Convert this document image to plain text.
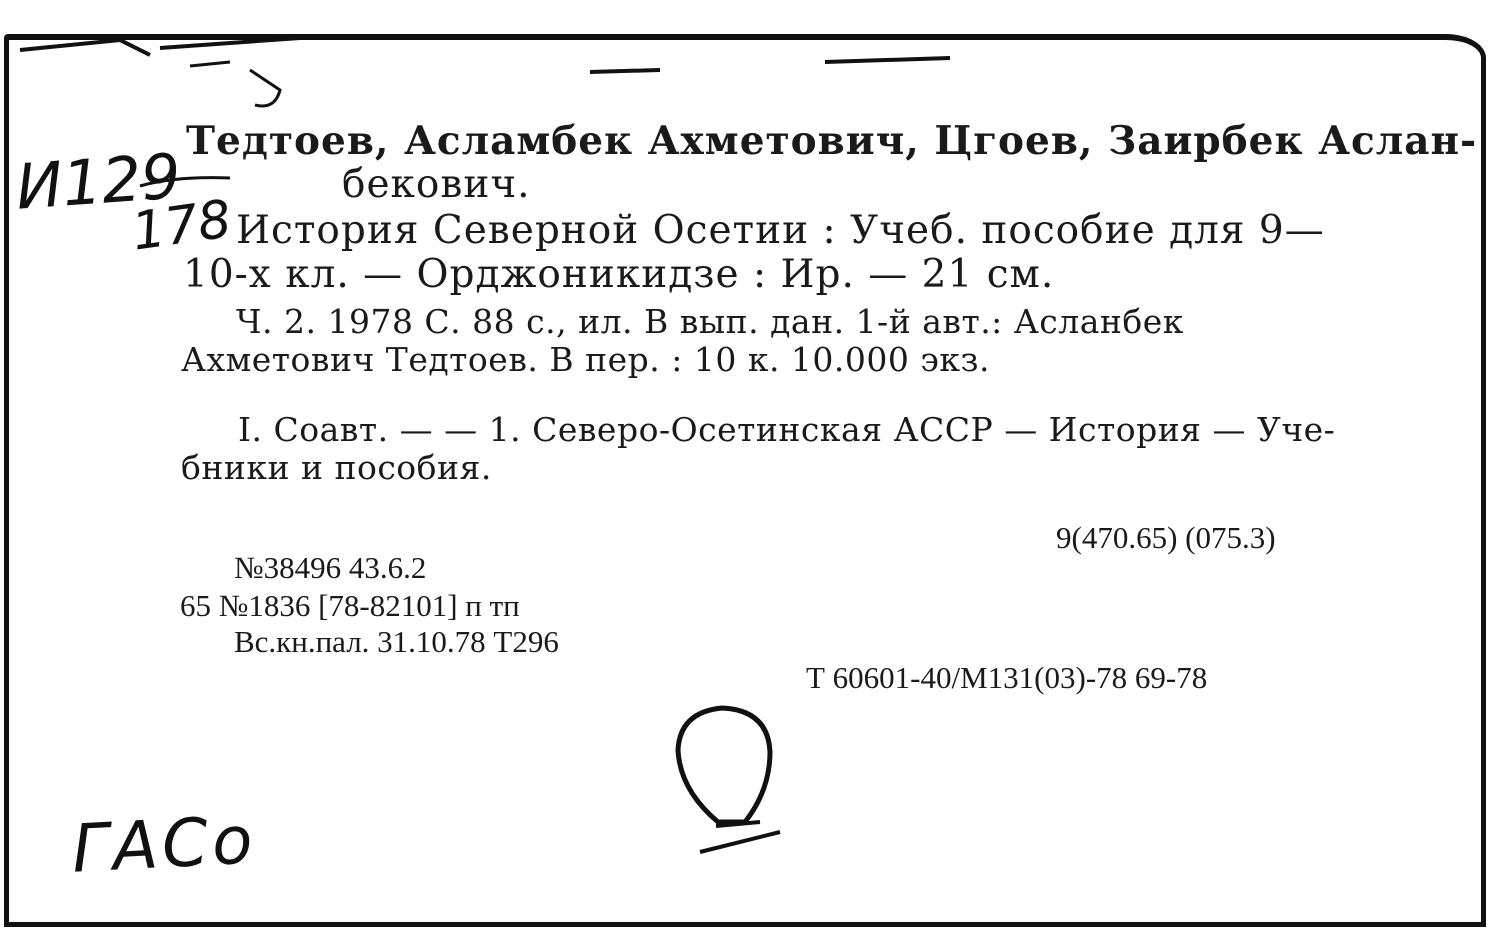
И129
178
ГАСо
Тедтоев, Асламбек Ахметович, Цгоев, Заирбек Аслан-
бекович.
История Северной Осетии : Учеб. пособие для 9—
10-х кл. — Орджоникидзе : Ир. — 21 см.
Ч. 2. 1978 С. 88 с., ил. В вып. дан. 1-й авт.: Асланбек
Ахметович Тедтоев. В пер. : 10 к. 10.000 экз.
I. Соавт. — — 1. Северо-Осетинская АССР — История — Уче-
бники и пособия.
9(470.65) (075.3)
№38496 43.6.2
65 №1836 [78-82101] п тп
Вс.кн.пал. 31.10.78 Т296
Т 60601-40/М131(03)-78 69-78
